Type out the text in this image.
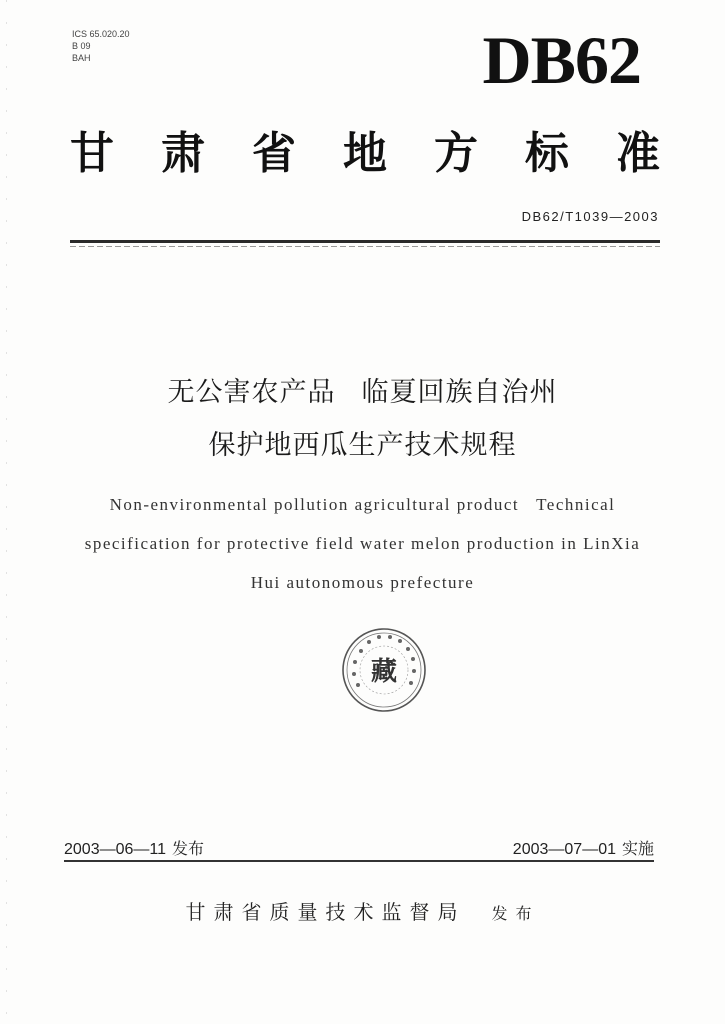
ICS 65.020.20
B 09
BAH	DB62
甘 肃 省 地 方 标 准
DB62/T1039—2003
无公害农产品 临夏回族自治州
保护地西瓜生产技术规程
Non-environmental pollution agricultural product   Technical
specification for protective field water melon production in LinXia
Hui autonomous prefecture
藏
2003—06—11 发布	2003—07—01 实施
甘肃省质量技术监督局 发布
